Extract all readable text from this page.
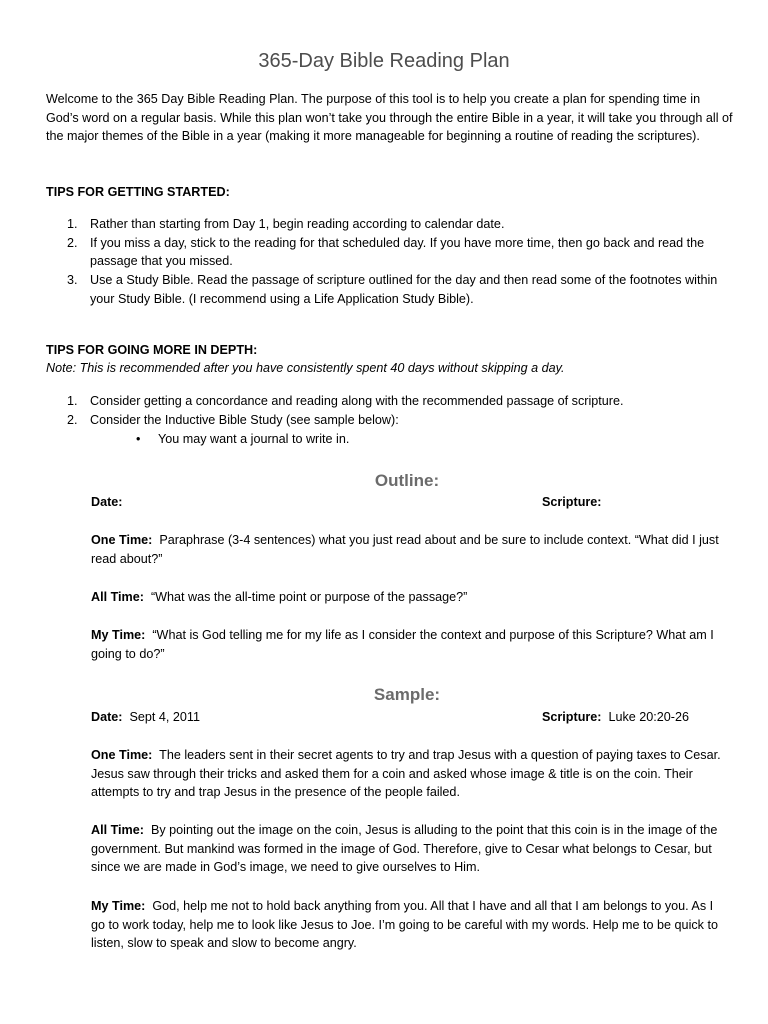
365-Day Bible Reading Plan

Welcome to the 365 Day Bible Reading Plan. The purpose of this tool is to help you create a plan for spending time in God’s word on a regular basis. While this plan won’t take you through the entire Bible in a year, it will take you through all of the major themes of the Bible in a year (making it more manageable for beginning a routine of reading the scriptures).

TIPS FOR GETTING STARTED:
1. Rather than starting from Day 1, begin reading according to calendar date.
2. If you miss a day, stick to the reading for that scheduled day. If you have more time, then go back and read the passage that you missed.
3. Use a Study Bible. Read the passage of scripture outlined for the day and then read some of the footnotes within your Study Bible. (I recommend using a Life Application Study Bible).
TIPS FOR GOING MORE IN DEPTH:
Note: This is recommended after you have consistently spent 40 days without skipping a day.
1. Consider getting a concordance and reading along with the recommended passage of scripture.
2. Consider the Inductive Bible Study (see sample below):
• You may want a journal to write in.
Outline:
Date:	Scripture:

One Time: Paraphrase (3-4 sentences) what you just read about and be sure to include context. “What did I just read about?”

All Time: “What was the all-time point or purpose of the passage?”

My Time: “What is God telling me for my life as I consider the context and purpose of this Scripture? What am I going to do?”

Sample:
Date: Sept 4, 2011	Scripture: Luke 20:20-26

One Time: The leaders sent in their secret agents to try and trap Jesus with a question of paying taxes to Cesar. Jesus saw through their tricks and asked them for a coin and asked whose image & title is on the coin. Their attempts to try and trap Jesus in the presence of the people failed.

All Time: By pointing out the image on the coin, Jesus is alluding to the point that this coin is in the image of the government. But mankind was formed in the image of God. Therefore, give to Cesar what belongs to Cesar, but since we are made in God’s image, we need to give ourselves to Him.

My Time: God, help me not to hold back anything from you. All that I have and all that I am belongs to you. As I go to work today, help me to look like Jesus to Joe. I’m going to be careful with my words. Help me to be quick to listen, slow to speak and slow to become angry.
